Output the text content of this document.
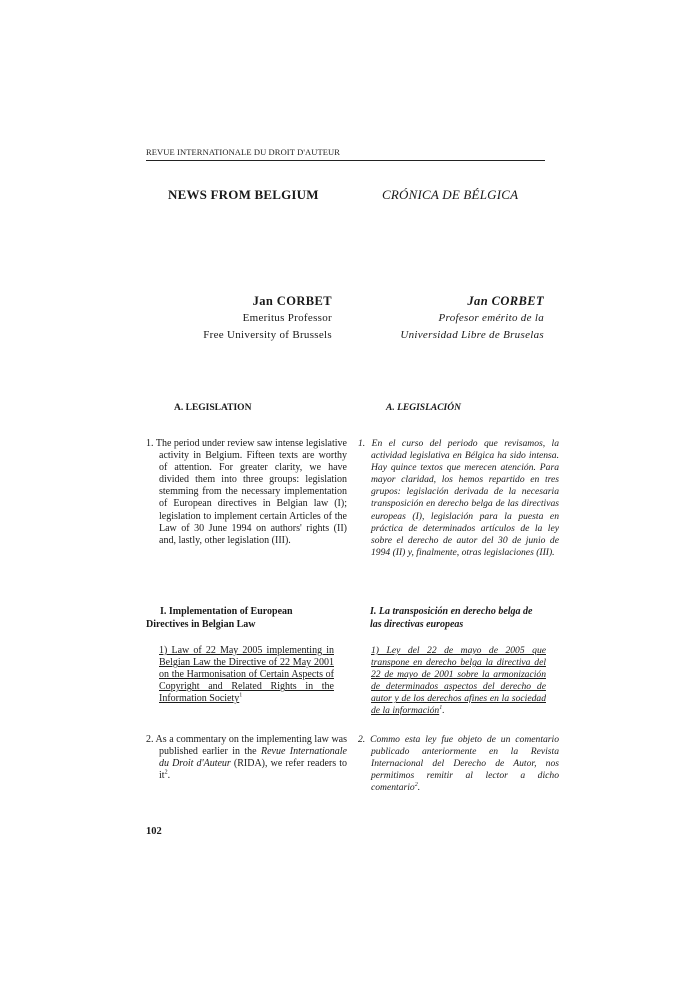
REVUE INTERNATIONALE DU DROIT D'AUTEUR
NEWS FROM BELGIUM
Jan CORBET
Emeritus Professor
Free University of Brussels
A. LEGISLATION
1. The period under review saw intense legislative activity in Belgium. Fifteen texts are worthy of attention. For greater clarity, we have divided them into three groups: legislation stemming from the necessary implementation of European directives in Belgian law (I); legislation to implement certain Articles of the Law of 30 June 1994 on authors' rights (II) and, lastly, other legislation (III).
I. Implementation of European Directives in Belgian Law
1) Law of 22 May 2005 implementing in Belgian Law the Directive of 22 May 2001 on the Harmonisation of Certain Aspects of Copyright and Related Rights in the Information Society$^1$
2. As a commentary on the implementing law was published earlier in the Revue Internationale du Droit d'Auteur (RIDA), we refer readers to $it^2$.
CRÓNICA DE BÉLGICA
Jan CORBET
Profesor emérito de la
Universidad Libre de Bruselas
A. LEGISLACIÓN
1. En el curso del periodo que revisamos, la actividad legislativa en Bélgica ha sido intensa. Hay quince textos que merecen atención. Para mayor claridad, los hemos repartido en tres grupos: legislación derivada de la necesaria transposición en derecho belga de las directivas europeas (I), legislación para la puesta en práctica de determinados artículos de la ley sobre el derecho de autor del 30 de junio de 1994 (II) y, finalmente, otras legislaciones (III).
I. La transposición en derecho belga de las directivas europeas
1) Ley del 22 de mayo de 2005 que transpone en derecho belga la directiva del 22 de mayo de 2001 sobre la armonización de determinados aspectos del derecho de autor y de los derechos afines en la sociedad de la información$^1$.
2. Commo esta ley fue objeto de un comentario publicado anteriormente en la Revista Internacional del Derecho de Autor, nos permitimos remitir al lector a dicho comentario$^2$.
102
